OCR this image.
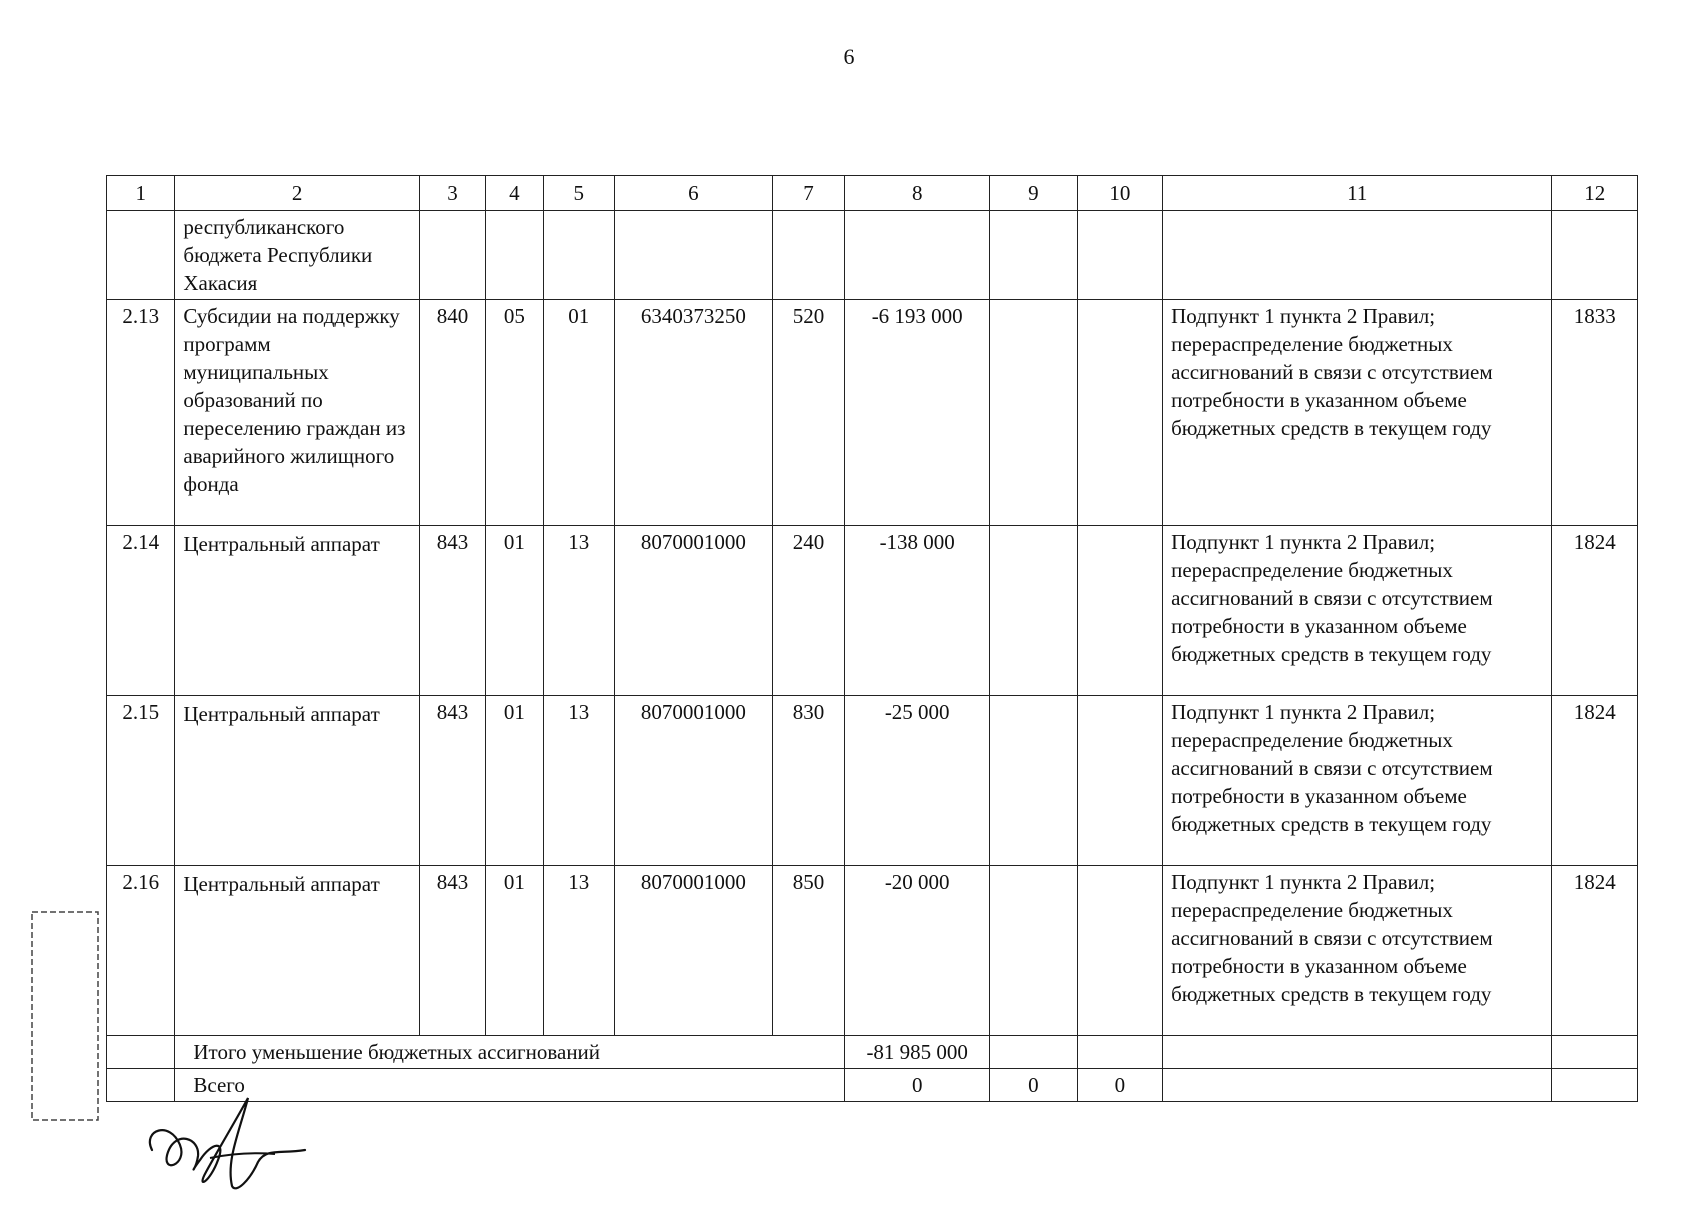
6
1	2	3	4	5	6	7	8	9	10	11	12
	республиканского бюджета Республики Хакасия										
2.13	Субсидии на поддержку программ муниципальных образований по переселению граждан из аварийного жилищного фонда	840	05	01	6340373250	520	-6 193 000			Подпункт 1 пункта 2 Правил; перераспределение бюджетных ассигнований в связи с отсутствием потребности в указанном объеме бюджетных средств в текущем году	1833
2.14	Центральный аппарат	843	01	13	8070001000	240	-138 000			Подпункт 1 пункта 2 Правил; перераспределение бюджетных ассигнований в связи с отсутствием потребности в указанном объеме бюджетных средств в текущем году	1824
2.15	Центральный аппарат	843	01	13	8070001000	830	-25 000			Подпункт 1 пункта 2 Правил; перераспределение бюджетных ассигнований в связи с отсутствием потребности в указанном объеме бюджетных средств в текущем году	1824
2.16	Центральный аппарат	843	01	13	8070001000	850	-20 000			Подпункт 1 пункта 2 Правил; перераспределение бюджетных ассигнований в связи с отсутствием потребности в указанном объеме бюджетных средств в текущем году	1824
	Итого уменьшение бюджетных ассигнований						-81 985 000				
	Всего						0	0	0		
